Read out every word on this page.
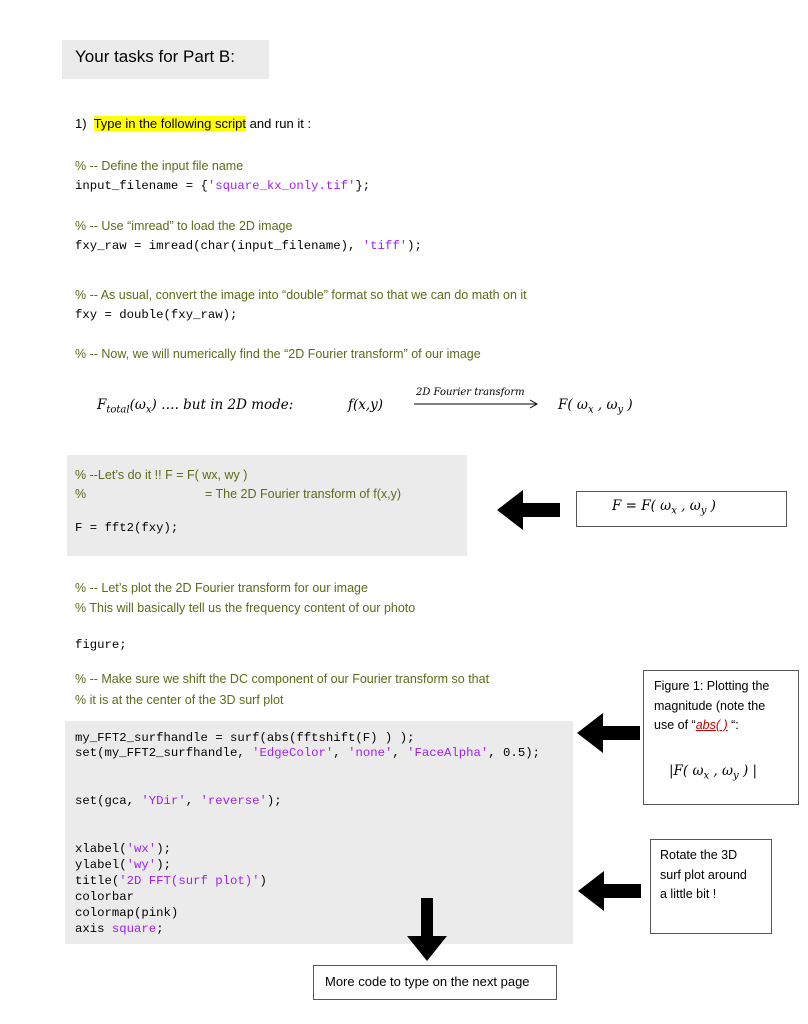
Your tasks for Part B:
1)  Type in the following script and run it :
% -- Define the input file name
input_filename = {'square_kx_only.tif'};
% -- Use “imread” to load the 2D image
fxy_raw = imread(char(input_filename), 'tiff');
% -- As usual, convert the image into “double” format so that we can do math on it
fxy = double(fxy_raw);
% -- Now, we will numerically find the “2D Fourier transform” of our image
$F_{total}(\omega_x)$ …. but in 2D mode:	f(x,y)
2D Fourier transform
F( $\omega_x$ , $\omega_y$ )
% --Let’s do it !! F = F( wx, wy )
%	= The 2D Fourier transform of f(x,y)
F = fft2(fxy);
F = F( $\omega_x$ , $\omega_y$ )
% -- Let’s plot the 2D Fourier transform for our image
% This will basically tell us the frequency content of our photo
figure;
% -- Make sure we shift the DC component of our Fourier transform so that
% it is at the center of the 3D surf plot
my_FFT2_surfhandle = surf(abs(fftshift(F) ) );
set(my_FFT2_surfhandle, 'EdgeColor', 'none', 'FaceAlpha', 0.5);
set(gca, 'YDir', 'reverse');
xlabel('wx');
ylabel('wy');
title('2D FFT(surf plot)')
colorbar
colormap(pink)
axis square;
Figure 1: Plotting the
magnitude (note the
use of “abs( ) “:
|F( $\omega_x$ , $\omega_y$ ) |
Rotate the 3D
surf plot around
a little bit !
More code to type on the next page
